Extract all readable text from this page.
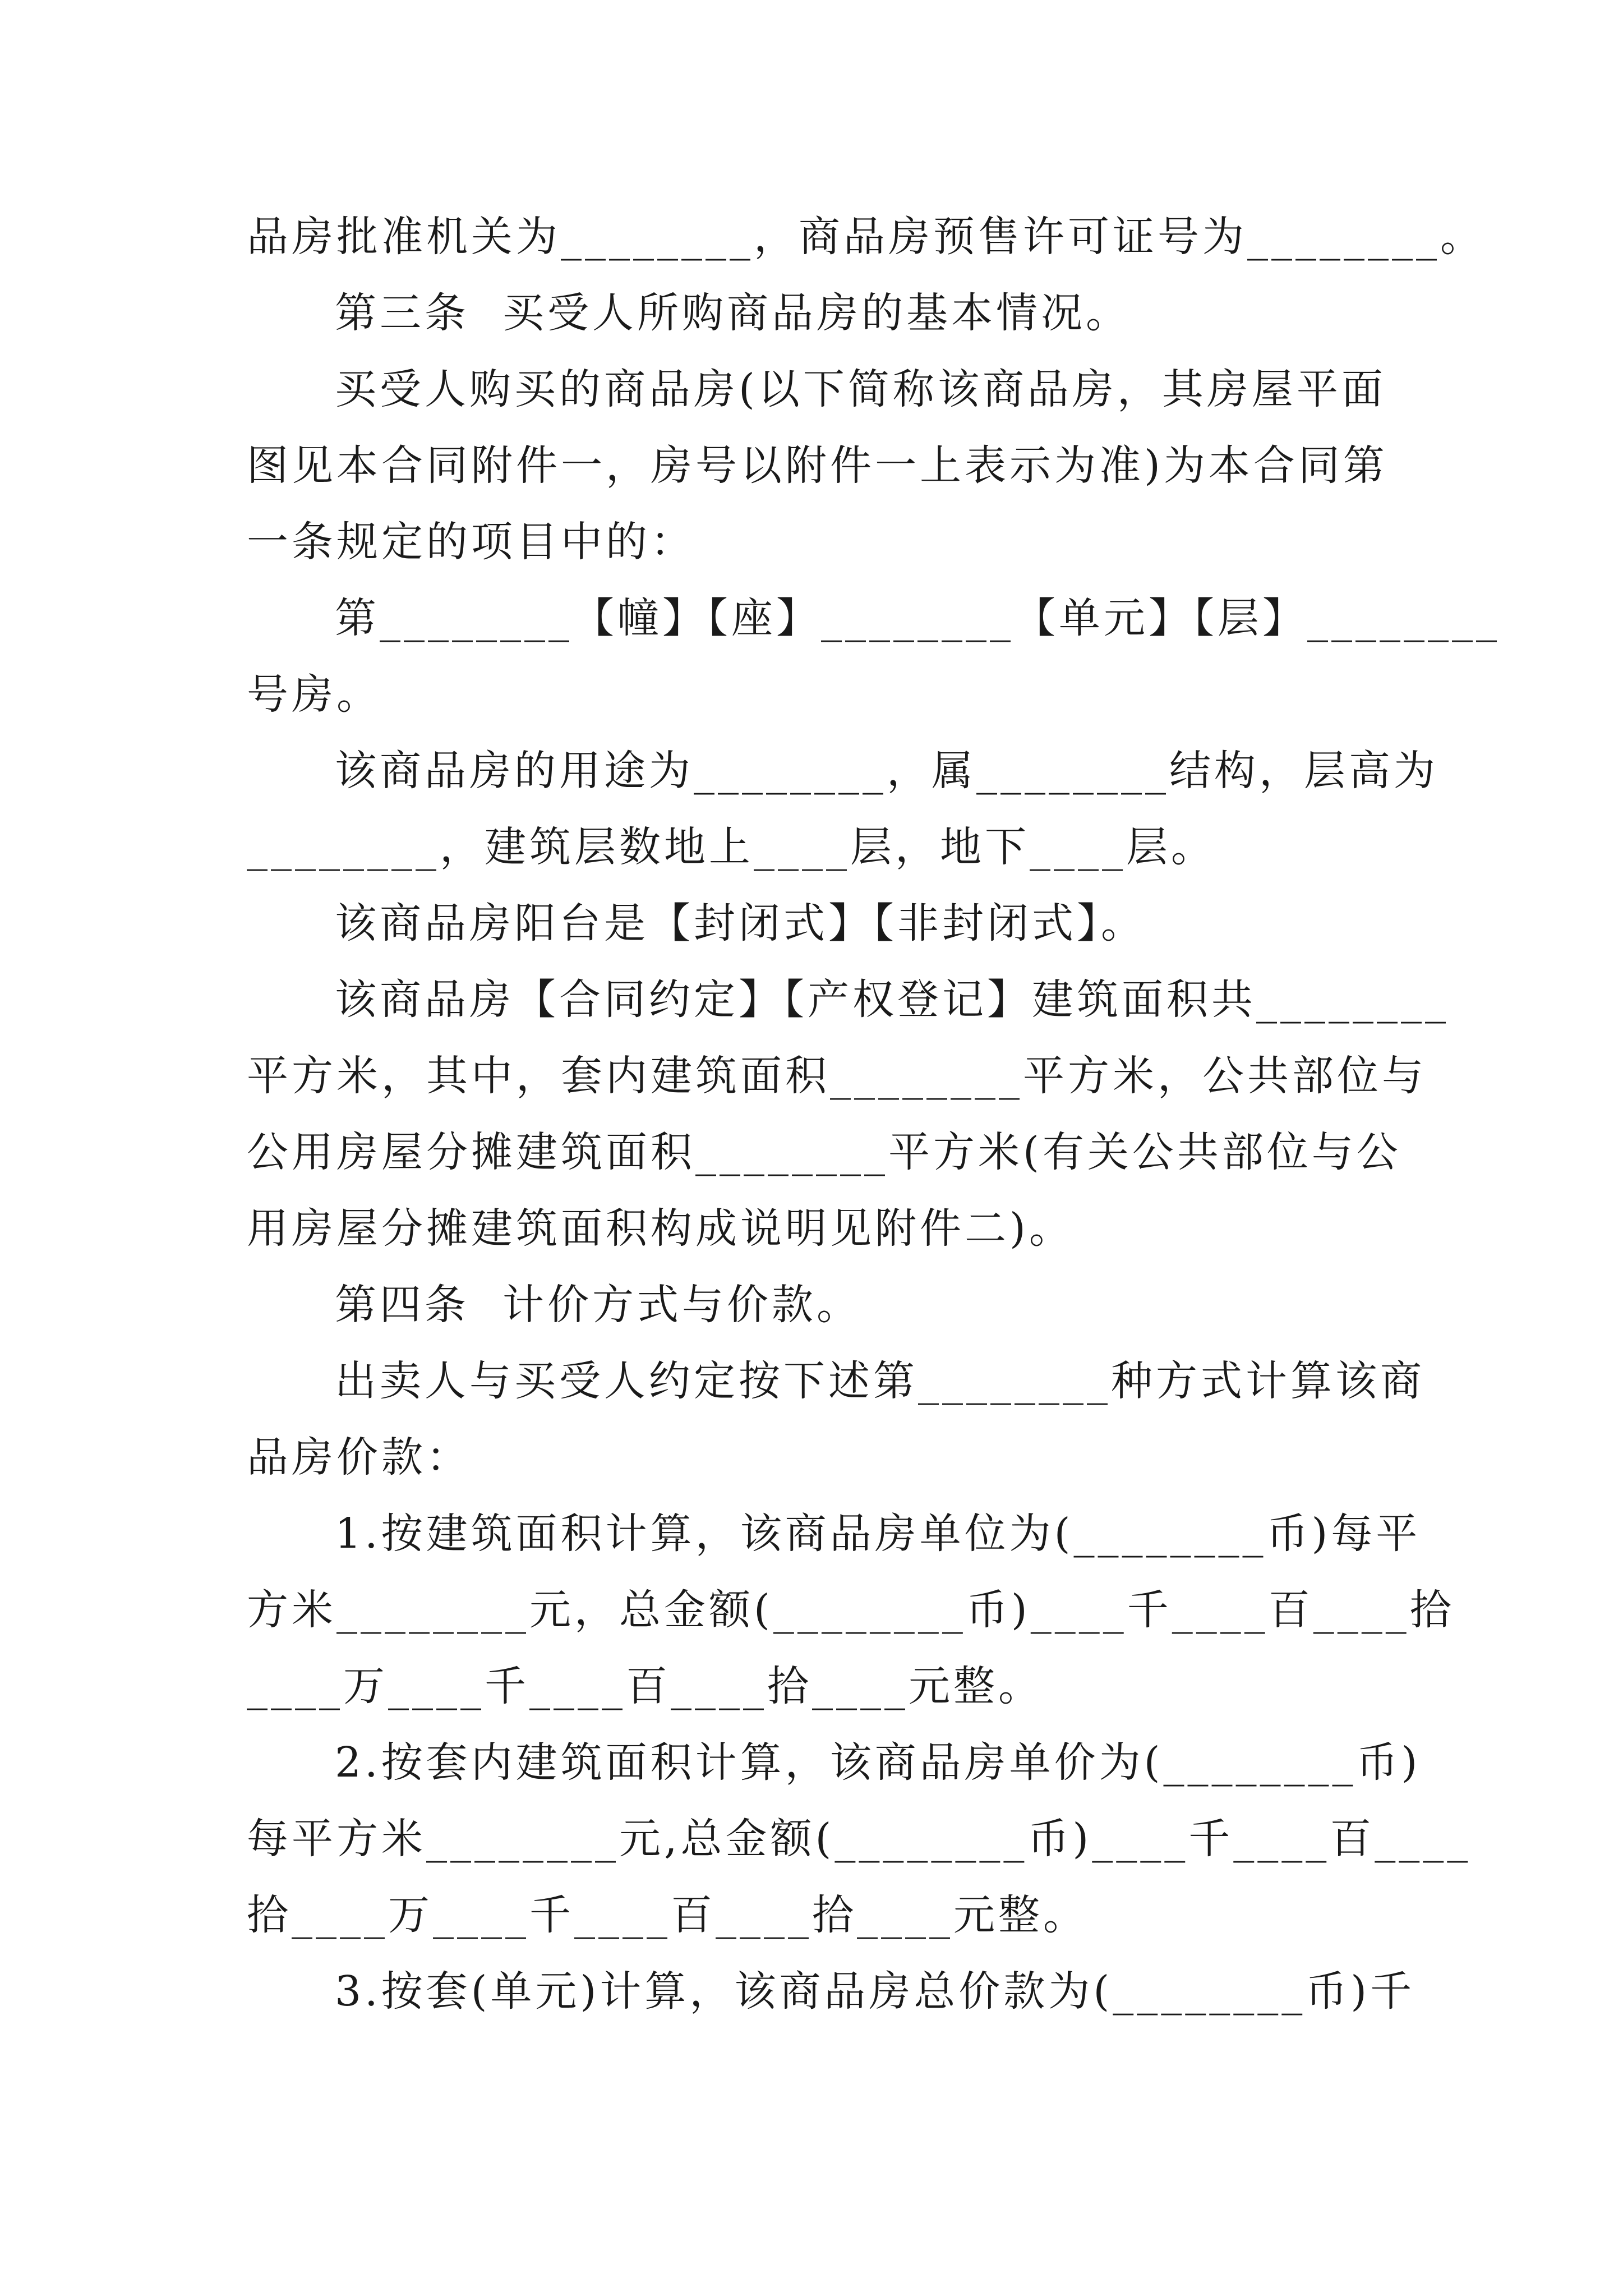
品房批准机关为________，商品房预售许可证号为________。
第三条  买受人所购商品房的基本情况。
买受人购买的商品房(以下简称该商品房，其房屋平面
图见本合同附件一，房号以附件一上表示为准)为本合同第
一条规定的项目中的：
第________【幢】【座】________【单元】【层】________
号房。
该商品房的用途为________，属________结构，层高为
________，建筑层数地上____层，地下____层。
该商品房阳台是【封闭式】【非封闭式】。
该商品房【合同约定】【产权登记】建筑面积共________
平方米，其中，套内建筑面积________平方米，公共部位与
公用房屋分摊建筑面积________平方米(有关公共部位与公
用房屋分摊建筑面积构成说明见附件二)。
第四条  计价方式与价款。
出卖人与买受人约定按下述第________种方式计算该商
品房价款：
1.按建筑面积计算，该商品房单位为(________币)每平
方米________元，总金额(________币)____千____百____拾
____万____千____百____拾____元整。
2.按套内建筑面积计算，该商品房单价为(________币)
每平方米________元,总金额(________币)____千____百____
拾____万____千____百____拾____元整。
3.按套(单元)计算，该商品房总价款为(________币)千
